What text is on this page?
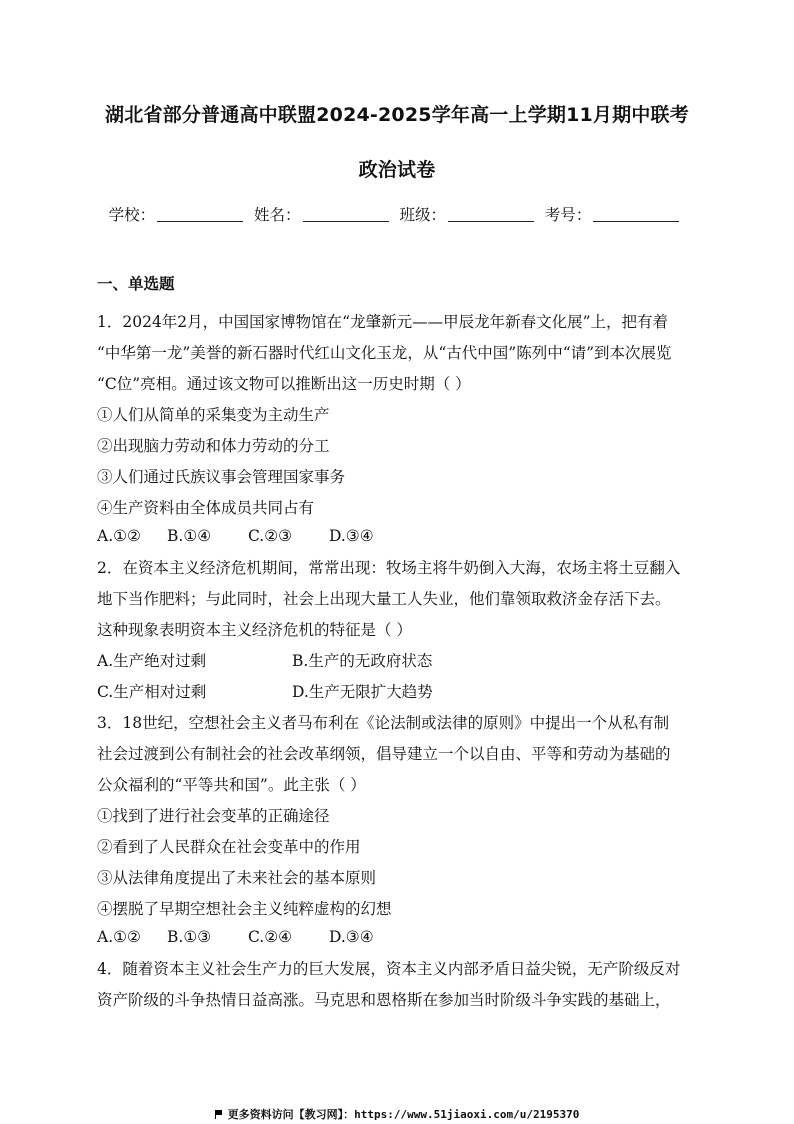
湖北省部分普通高中联盟2024-2025学年高一上学期11月期中联考
政治试卷
学校：	姓名：	班级：	考号：
一、单选题
1．2024年2月，中国国家博物馆在“龙肇新元——甲辰龙年新春文化展”上，把有着
“中华第一龙”美誉的新石器时代红山文化玉龙，从“古代中国”陈列中“请”到本次展览
“C位”亮相。通过该文物可以推断出这一历史时期（ ）
①人们从简单的采集变为主动生产
②出现脑力劳动和体力劳动的分工
③人们通过氏族议事会管理国家事务
④生产资料由全体成员共同占有
A.①② B.①④ C.②③ D.③④
2．在资本主义经济危机期间，常常出现：牧场主将牛奶倒入大海，农场主将土豆翻入
地下当作肥料；与此同时，社会上出现大量工人失业，他们靠领取救济金存活下去。
这种现象表明资本主义经济危机的特征是（ ）
A.生产绝对过剩	B.生产的无政府状态
C.生产相对过剩	D.生产无限扩大趋势
3．18世纪，空想社会主义者马布利在《论法制或法律的原则》中提出一个从私有制
社会过渡到公有制社会的社会改革纲领，倡导建立一个以自由、平等和劳动为基础的
公众福利的“平等共和国”。此主张（ ）
①找到了进行社会变革的正确途径
②看到了人民群众在社会变革中的作用
③从法律角度提出了未来社会的基本原则
④摆脱了早期空想社会主义纯粹虚构的幻想
A.①② B.①③ C.②④ D.③④
4．随着资本主义社会生产力的巨大发展，资本主义内部矛盾日益尖锐，无产阶级反对
资产阶级的斗争热情日益高涨。马克思和恩格斯在参加当时阶级斗争实践的基础上，
更多资料访问【教习网】：https://www.51jiaoxi.com/u/2195370
